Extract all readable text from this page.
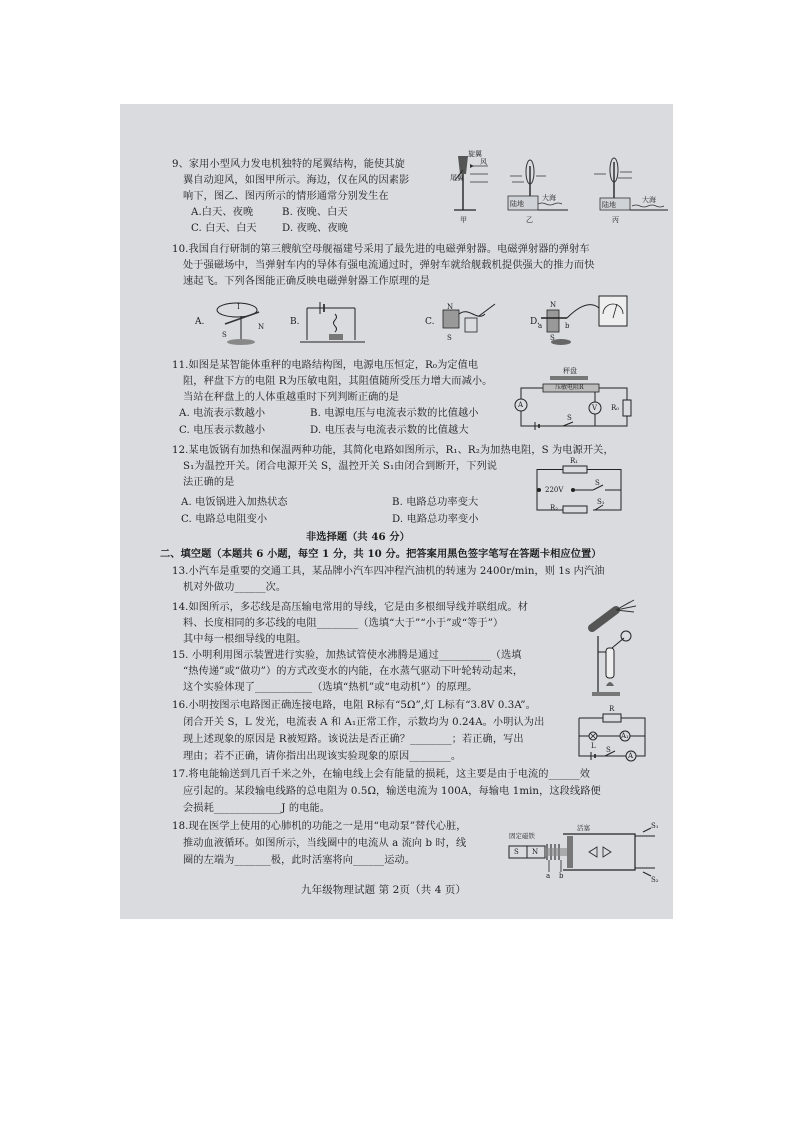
9、家用小型风力发电机独特的尾翼结构，能使其旋
翼自动迎风，如图甲所示。海边，仅在风的因素影
响下，图乙、图丙所示的情形通常分别发生在
A.白天、夜晚	B. 夜晚、白天
C. 白天、白天 D. 夜晚、夜晚
风
尾翼
旋翼
陆地
大海
陆地
大海
甲	乙	丙
10.我国自行研制的第三艘航空母舰福建号采用了最先进的电磁弹射器。电磁弹射器的弹射车
处于强磁场中，当弹射车内的导体有强电流通过时，弹射车就给舰载机提供强大的推力而快
速起飞。下列各图能正确反映电磁弹射器工作原理的是
A.
S
N
I
B.	C.
N
S
D.
N
S
a	b
11.如图是某智能体重秤的电路结构图，电源电压恒定，R₀为定值电
阻，秤盘下方的电阻 R为压敏电阻，其阻值随所受压力增大而减小。
当站在秤盘上的人体重越重时下列判断正确的是
A. 电流表示数越小	B. 电源电压与电流表示数的比值越小
C. 电压表示数越小	D. 电压表与电流表示数的比值越大
秤盘
压敏电阻R
A	V R₀
S
12.某电饭锅有加热和保温两种功能，其简化电路如图所示，R₁、R₂为加热电阻，S 为电源开关，
S₁为温控开关。闭合电源开关 S，温控开关 S₁由闭合到断开，下列说
法正确的是
A. 电饭锅进入加热状态	B. 电路总功率变大
C. 电路总电阻变小	D. 电路总功率变小
R₁
220V
S
R₂
S₁
非选择题（共 46 分）
二、填空题（本题共 6 小题，每空 1 分，共 10 分。把答案用黑色签字笔写在答题卡相应位置）
13.小汽车是重要的交通工具，某品牌小汽车四冲程汽油机的转速为 2400r/min，则 1s 内汽油
机对外做功______次。
14.如图所示，多芯线是高压输电常用的导线，它是由多根细导线并联组成。材
料、长度相同的多芯线的电阻________（选填“大于”“小于”或“等于”）
其中每一根细导线的电阻。
15. 小明利用图示装置进行实验，加热试管使水沸腾是通过__________（选填
“热传递”或“做功”）的方式改变水的内能，在水蒸气驱动下叶轮转动起来，
这个实验体现了___________（选填“热机”或“电动机”）的原理。
16.小明按图示电路图正确连接电路，电阻 R标有“5Ω”,灯 L标有“3.8V 0.3A”。
闭合开关 S，L 发光，电流表 A 和 A₁正常工作，示数均为 0.24A。小明认为出
现上述现象的原因是 R被短路。该说法是否正确？________；若正确，写出
理由；若不正确，请你指出出现该实验现象的原因________。
R
L
A₁
A
S
17.将电能输送到几百千米之外，在输电线上会有能量的损耗，这主要是由于电流的______效
应引起的。某段输电线路的总电阻为 0.5Ω，输送电流为 100A，每输电 1min，这段线路便
会损耗_____________J 的电能。
18.现在医学上使用的心肺机的功能之一是用“电动泵”替代心脏，
推动血液循环。如图所示，当线圈中的电流从 a 流向 b 时，线
圈的左端为_______极，此时活塞将向______运动。
固定磁铁
活塞
S N
a b
S₁
S₂
九年级物理试题 第 2页（共 4 页）
